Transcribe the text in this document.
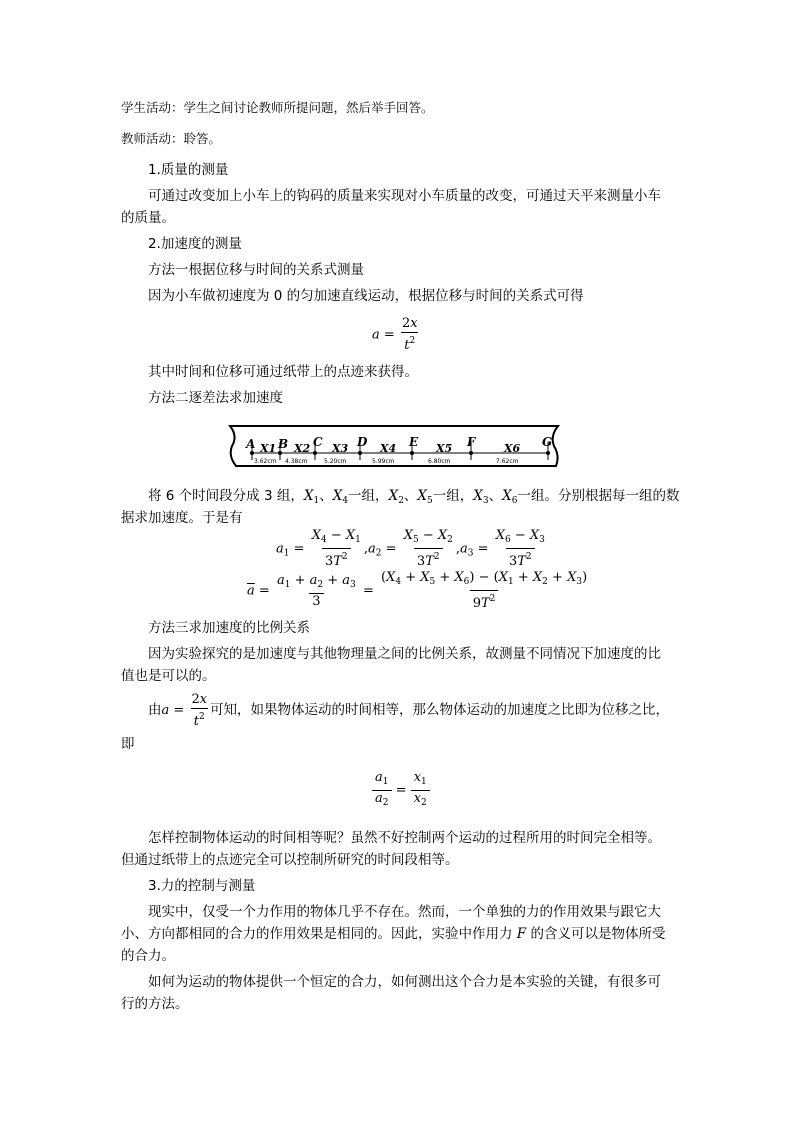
学生活动：学生之间讨论教师所提问题，然后举手回答。
教师活动：聆答。
1.质量的测量
可通过改变加上小车上的钩码的质量来实现对小车质量的改变，可通过天平来测量小车
的质量。
2.加速度的测量
方法一根据位移与时间的关系式测量
因为小车做初速度为 0 的匀加速直线运动，根据位移与时间的关系式可得
$a = \frac{2x}{t^2}$
其中时间和位移可通过纸带上的点迹来获得。
方法二逐差法求加速度
A B C	D	E	F	G
X1 X2 X3	X4	X5	X6
3.62cm 4.38cm	5.20cm	5.99cm	6.80cm	7.62cm
将 6 个时间段分成 3 组，$X_1$、$X_4$一组，$X_2$、$X_5$一组，$X_3$、$X_6$一组。分别根据每一组的数
据求加速度。于是有
$a_1 = \frac{X_4 - X_1}{3T^2} ,a_2 = \frac{X_5 - X_2}{3T^2} ,a_3 = \frac{X_6 - X_3}{3T^2}$
$\overline{a} = \frac{a_1 + a_2 + a_3}{3} = \frac{(X_4 + X_5 + X_6) - (X_1 + X_2 + X_3)}{9T^2}$
方法三求加速度的比例关系
因为实验探究的是加速度与其他物理量之间的比例关系，故测量不同情况下加速度的比
值也是可以的。
由$a = \frac{2x}{t^2}$ 可知，如果物体运动的时间相等，那么物体运动的加速度之比即为位移之比，
即
$\frac{a_1}{a_2} = \frac{x_1}{x_2}$
怎样控制物体运动的时间相等呢？虽然不好控制两个运动的过程所用的时间完全相等。
但通过纸带上的点迹完全可以控制所研究的时间段相等。
3.力的控制与测量
现实中，仅受一个力作用的物体几乎不存在。然而，一个单独的力的作用效果与跟它大
小、方向都相同的合力的作用效果是相同的。因此，实验中作用力 F 的含义可以是物体所受
的合力。
如何为运动的物体提供一个恒定的合力，如何测出这个合力是本实验的关键，有很多可
行的方法。
